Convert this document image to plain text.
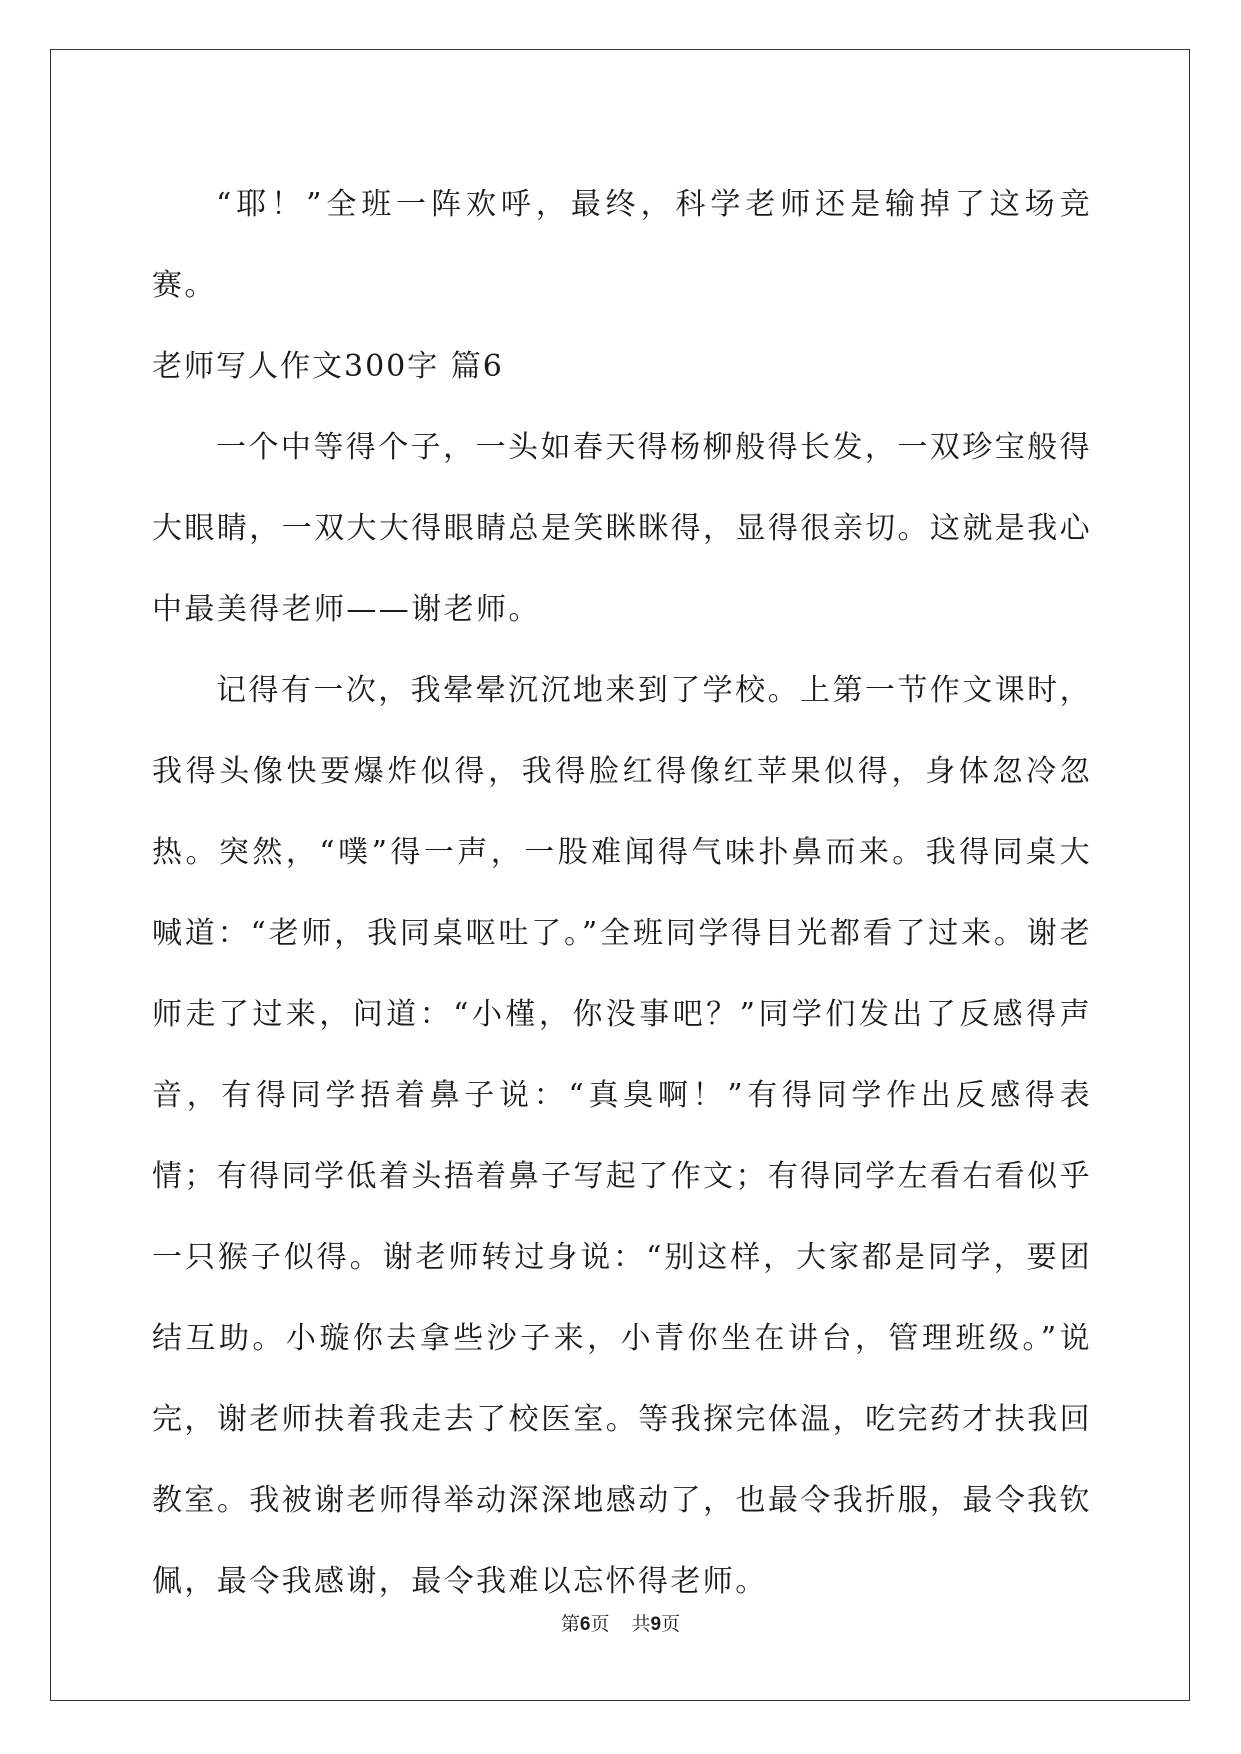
“耶！”全班一阵欢呼，最终，科学老师还是输掉了这场竞赛。

老师写人作文300字 篇6

一个中等得个子，一头如春天得杨柳般得长发，一双珍宝般得大眼睛，一双大大得眼睛总是笑眯眯得，显得很亲切。这就是我心中最美得老师——谢老师。

记得有一次，我晕晕沉沉地来到了学校。上第一节作文课时，我得头像快要爆炸似得，我得脸红得像红苹果似得，身体忽冷忽热。突然，“噗”得一声，一股难闻得气味扑鼻而来。我得同桌大喊道：“老师，我同桌呕吐了。”全班同学得目光都看了过来。谢老师走了过来，问道：“小槿，你没事吧？”同学们发出了反感得声音，有得同学捂着鼻子说：“真臭啊！”有得同学作出反感得表情；有得同学低着头捂着鼻子写起了作文；有得同学左看右看似乎一只猴子似得。谢老师转过身说：“别这样，大家都是同学，要团结互助。小璇你去拿些沙子来，小青你坐在讲台，管理班级。”说完，谢老师扶着我走去了校医室。等我探完体温，吃完药才扶我回教室。我被谢老师得举动深深地感动了，也最令我折服，最令我钦佩，最令我感谢，最令我难以忘怀得老师。

第6页 共9页
